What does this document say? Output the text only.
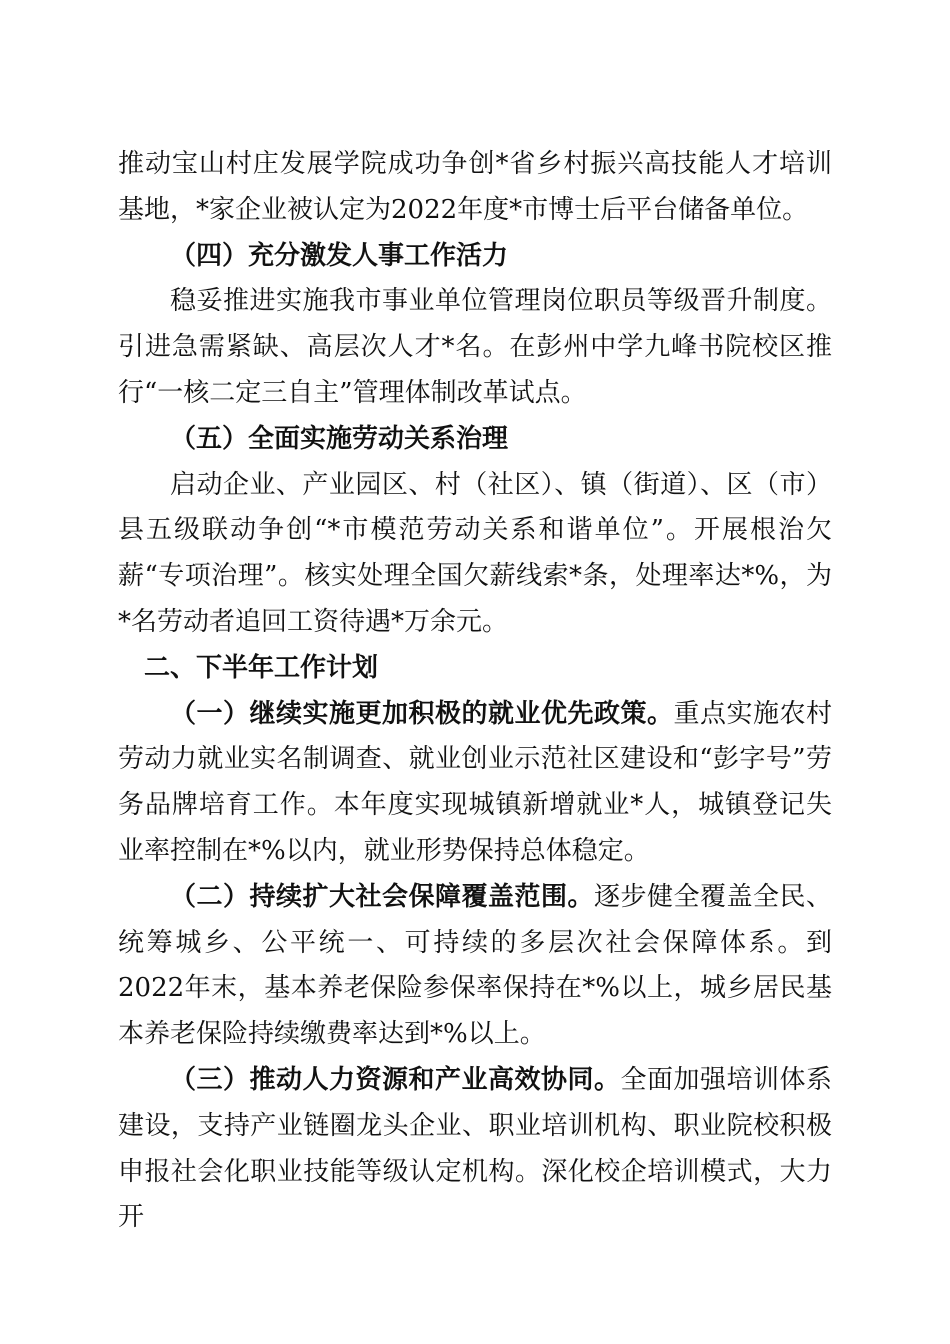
推动宝山村庄发展学院成功争创*省乡村振兴高技能人才培训基地，*家企业被认定为2022年度*市博士后平台储备单位。

（四）充分激发人事工作活力

稳妥推进实施我市事业单位管理岗位职员等级晋升制度。引进急需紧缺、高层次人才*名。在彭州中学九峰书院校区推行“一核二定三自主”管理体制改革试点。

（五）全面实施劳动关系治理

启动企业、产业园区、村（社区）、镇（街道）、区（市）县五级联动争创“*市模范劳动关系和谐单位”。开展根治欠薪“专项治理”。核实处理全国欠薪线索*条，处理率达*%，为*名劳动者追回工资待遇*万余元。

二、下半年工作计划

（一）继续实施更加积极的就业优先政策。重点实施农村劳动力就业实名制调查、就业创业示范社区建设和“彭字号”劳务品牌培育工作。本年度实现城镇新增就业*人，城镇登记失业率控制在*%以内，就业形势保持总体稳定。

（二）持续扩大社会保障覆盖范围。逐步健全覆盖全民、统筹城乡、公平统一、可持续的多层次社会保障体系。到2022年末，基本养老保险参保率保持在*%以上，城乡居民基本养老保险持续缴费率达到*%以上。

（三）推动人力资源和产业高效协同。全面加强培训体系建设，支持产业链圈龙头企业、职业培训机构、职业院校积极申报社会化职业技能等级认定机构。深化校企培训模式，大力开
